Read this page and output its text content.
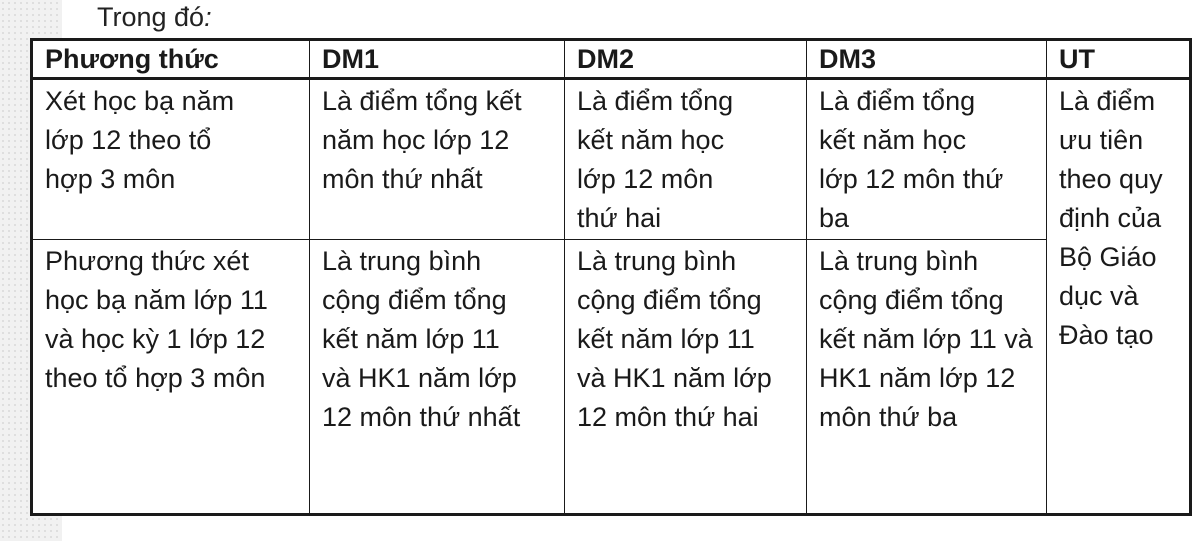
Trong đó:
Phương thức	DM1	DM2	DM3	UT
Xét học bạ năm lớp 12 theo tổ hợp 3 môn	Là điểm tổng kết năm học lớp 12 môn thứ nhất	Là điểm tổng kết năm học lớp 12 môn thứ hai	Là điểm tổng kết năm học lớp 12 môn thứ ba	Là điểm ưu tiên theo quy định của Bộ Giáo dục và Đào tạo
Phương thức xét học bạ năm lớp 11 và học kỳ 1 lớp 12 theo tổ hợp 3 môn	Là trung bình cộng điểm tổng kết năm lớp 11 và HK1 năm lớp 12 môn thứ nhất	Là trung bình cộng điểm tổng kết năm lớp 11 và HK1 năm lớp 12 môn thứ hai	Là trung bình cộng điểm tổng kết năm lớp 11 và HK1 năm lớp 12 môn thứ ba	
